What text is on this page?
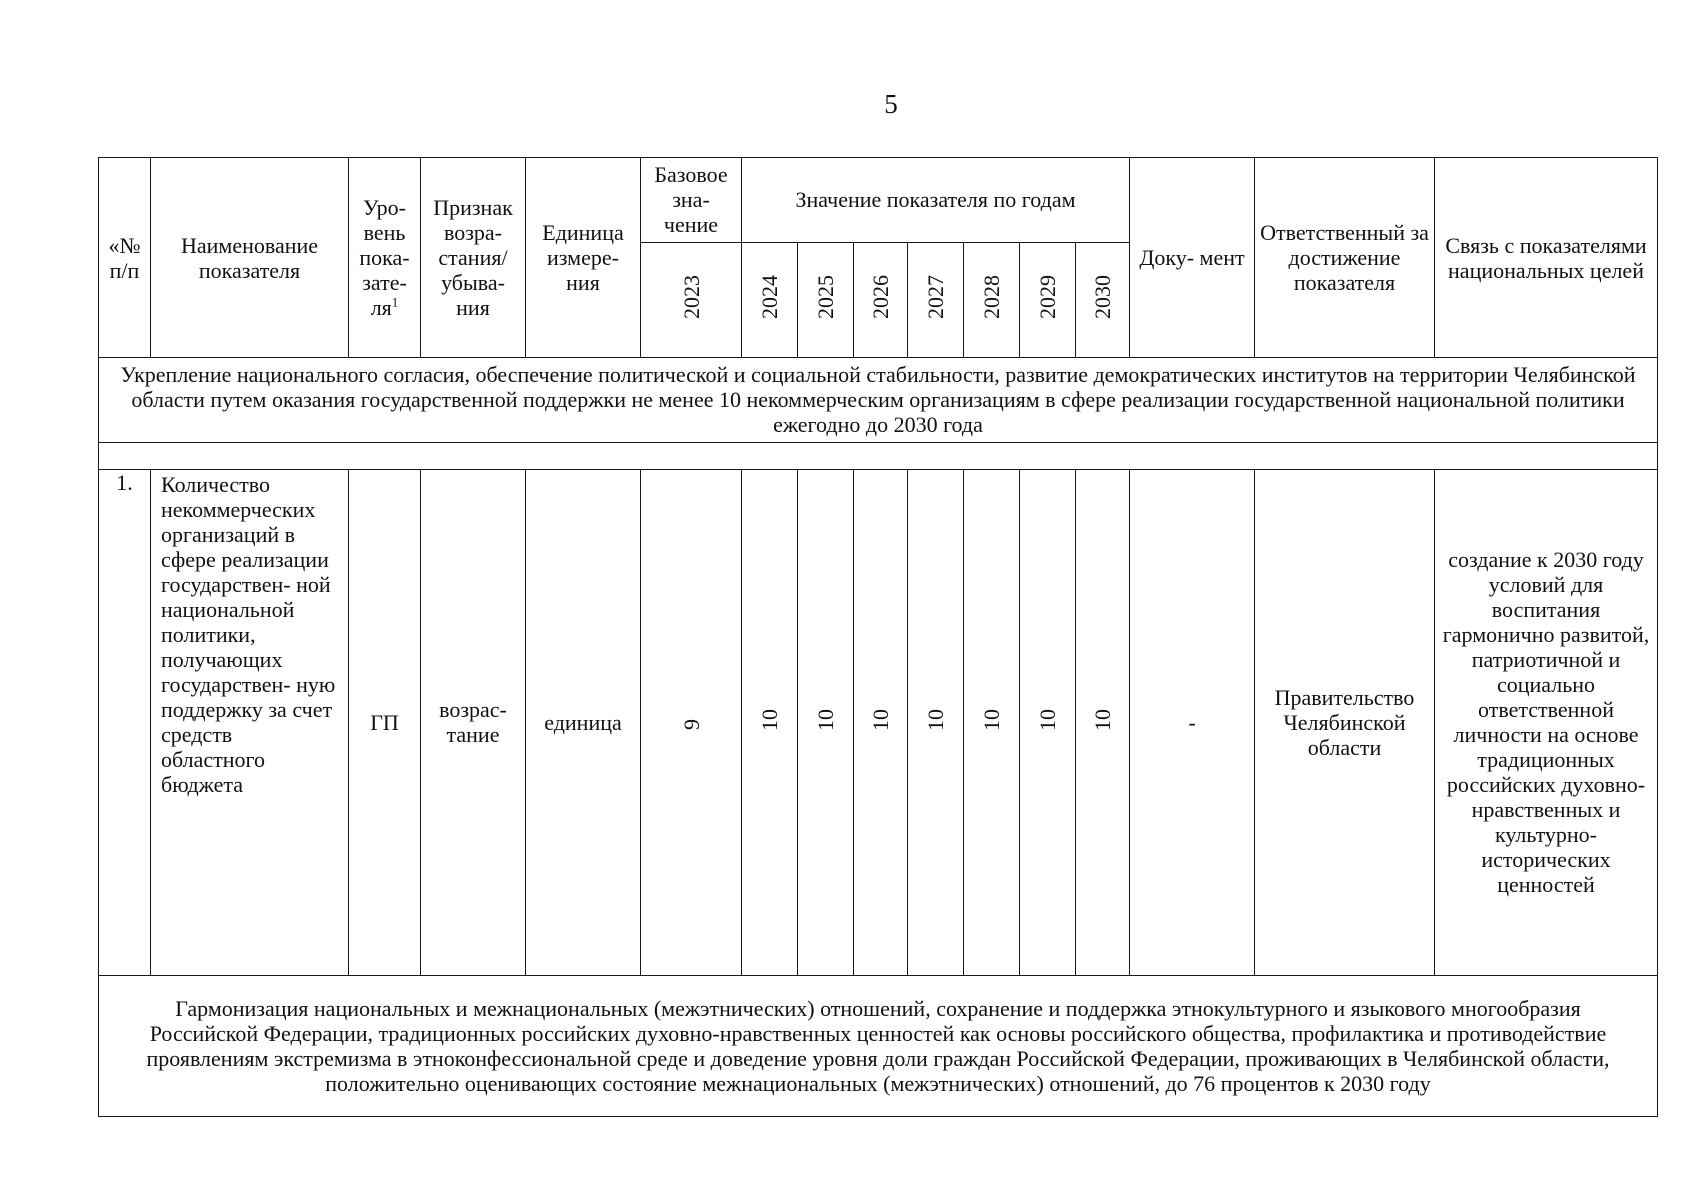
5
«№ п/п	Наименование показателя	Уро- вень пока- зате- $ля^1$	Признак возра- стания/ убыва- ния	Единица измере- ния	Базовое зна- чение	Значение показателя по годам							Доку- мент	Ответственный за достижение показателя	Связь с показателями национальных целей
					2023	2024	2025	2026	2027	2028	2029	2030			
Укрепление национального согласия, обеспечение политической и социальной стабильности, развитие демократических институтов на территории Челябинской области путем оказания государственной поддержки не менее 10 некоммерческим организациям в сфере реализации государственной национальной политики ежегодно до 2030 года															

1.	Количество некоммерческих организаций в сфере реализации государствен- ной национальной политики, получающих государствен- ную поддержку за счет средств областного бюджета	ГП	возрас- тание	единица	9	10	10	10	10	10	10	10	-	Правительство Челябинской области	создание к 2030 году условий для воспитания гармонично развитой, патриотичной и социально ответственной личности на основе традиционных российских духовно- нравственных и культурно- исторических ценностей
Гармонизация национальных и межнациональных (межэтнических) отношений, сохранение и поддержка этнокультурного и языкового многообразия Российской Федерации, традиционных российских духовно-нравственных ценностей как основы российского общества, профилактика и противодействие проявлениям экстремизма в этноконфессиональной среде и доведение уровня доли граждан Российской Федерации, проживающих в Челябинской области, положительно оценивающих состояние межнациональных (межэтнических) отношений, до 76 процентов к 2030 году															
